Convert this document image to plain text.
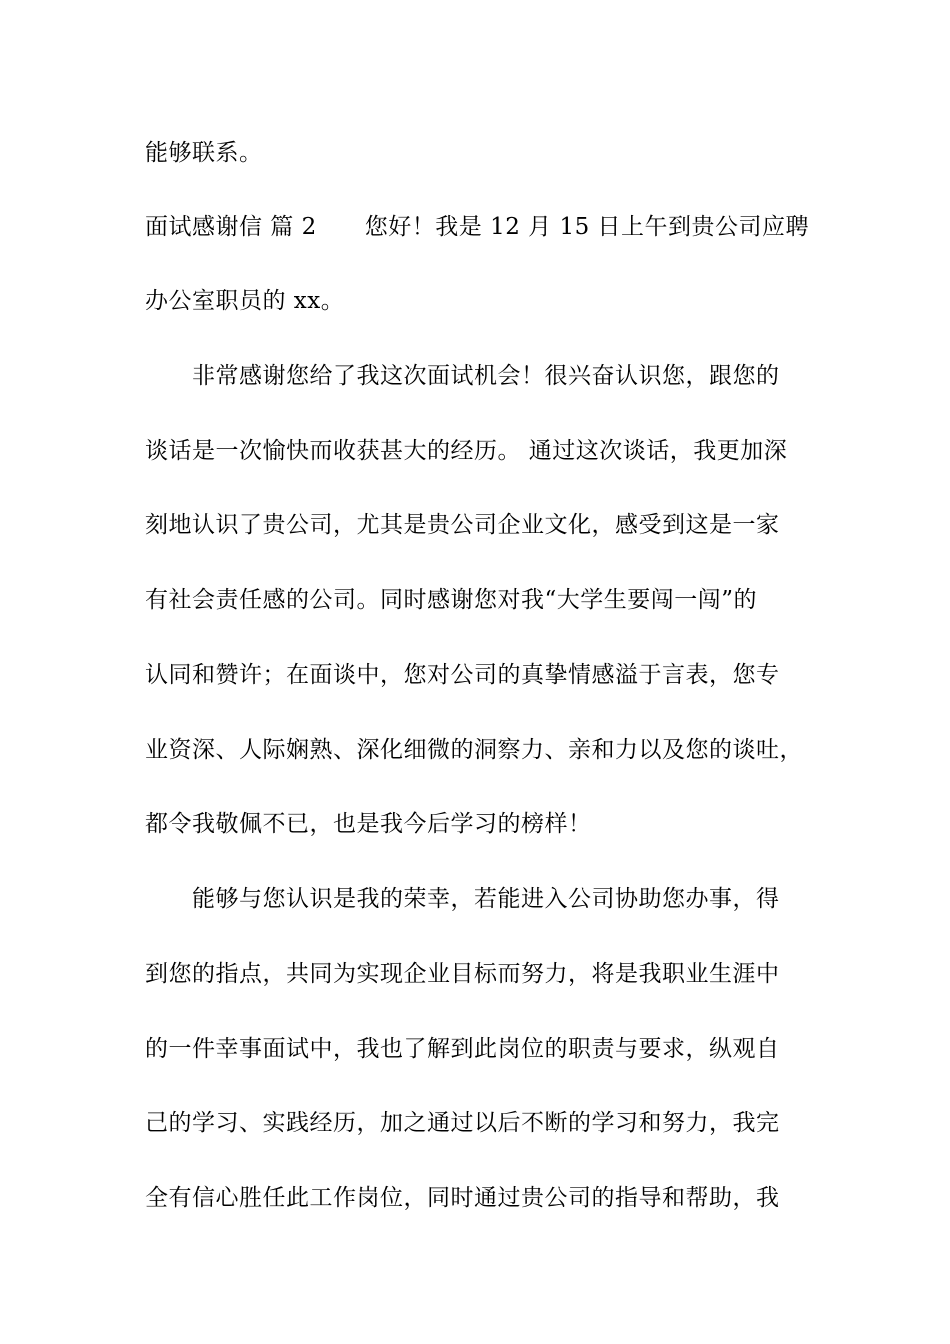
能够联系。
面试感谢信 篇 2 您好！我是 12 月 15 日上午到贵公司应聘
办公室职员的 xx。
非常感谢您给了我这次面试机会！很兴奋认识您，跟您的
谈话是一次愉快而收获甚大的经历。 通过这次谈话，我更加深
刻地认识了贵公司，尤其是贵公司企业文化，感受到这是一家
有社会责任感的公司。同时感谢您对我“大学生要闯一闯”的
认同和赞许；在面谈中，您对公司的真挚情感溢于言表，您专
业资深、人际娴熟、深化细微的洞察力、亲和力以及您的谈吐，
都令我敬佩不已，也是我今后学习的榜样！
能够与您认识是我的荣幸，若能进入公司协助您办事，得
到您的指点，共同为实现企业目标而努力，将是我职业生涯中
的一件幸事面试中，我也了解到此岗位的职责与要求，纵观自
己的学习、实践经历，加之通过以后不断的学习和努力，我完
全有信心胜任此工作岗位，同时通过贵公司的指导和帮助，我
